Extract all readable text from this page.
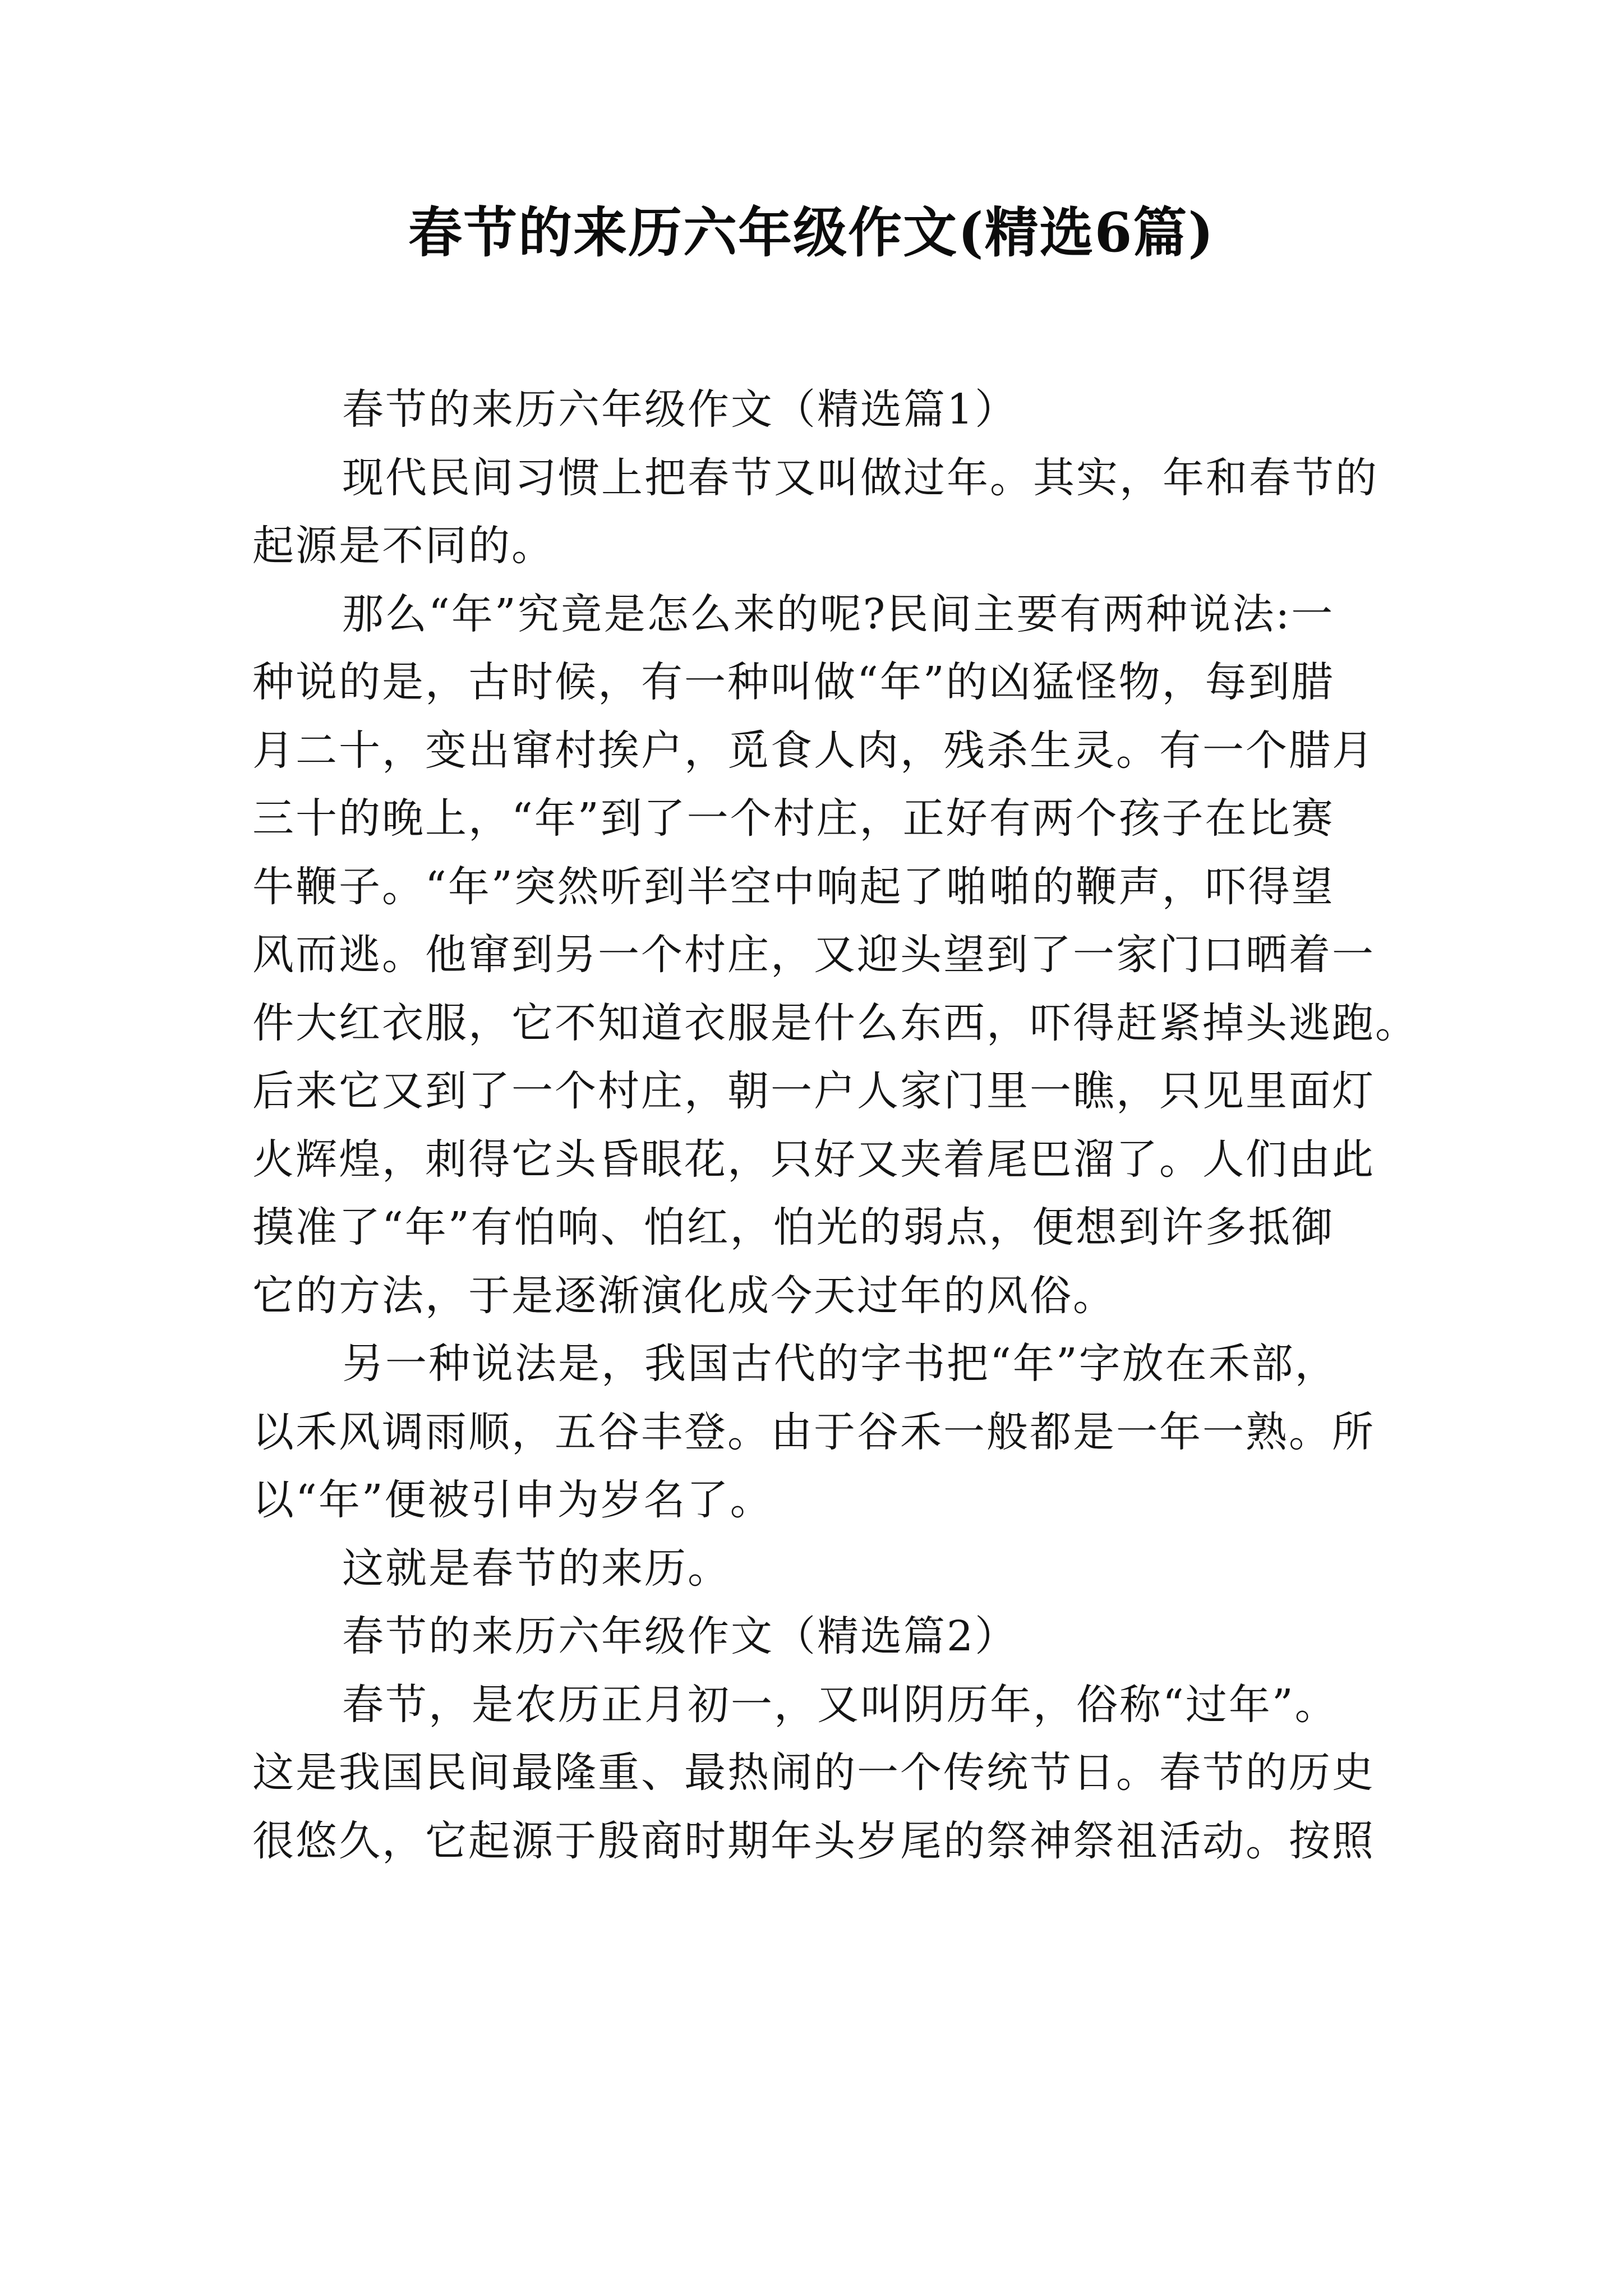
春节的来历六年级作文(精选6篇)

春节的来历六年级作文（精选篇1）

现代民间习惯上把春节又叫做过年。其实，年和春节的
起源是不同的。

那么“年”究竟是怎么来的呢?民间主要有两种说法:一
种说的是，古时候，有一种叫做“年”的凶猛怪物，每到腊
月二十，变出窜村挨户，觅食人肉，残杀生灵。有一个腊月
三十的晚上，“年”到了一个村庄，正好有两个孩子在比赛
牛鞭子。“年”突然听到半空中响起了啪啪的鞭声，吓得望
风而逃。他窜到另一个村庄，又迎头望到了一家门口晒着一
件大红衣服，它不知道衣服是什么东西，吓得赶紧掉头逃跑。
后来它又到了一个村庄，朝一户人家门里一瞧，只见里面灯
火辉煌，刺得它头昏眼花，只好又夹着尾巴溜了。人们由此
摸准了“年”有怕响、怕红，怕光的弱点，便想到许多抵御
它的方法，于是逐渐演化成今天过年的风俗。

另一种说法是，我国古代的字书把“年”字放在禾部，
以禾风调雨顺，五谷丰登。由于谷禾一般都是一年一熟。所
以“年”便被引申为岁名了。

这就是春节的来历。

春节的来历六年级作文（精选篇2）

春节，是农历正月初一，又叫阴历年，俗称“过年”。
这是我国民间最隆重、最热闹的一个传统节日。春节的历史
很悠久，它起源于殷商时期年头岁尾的祭神祭祖活动。按照
